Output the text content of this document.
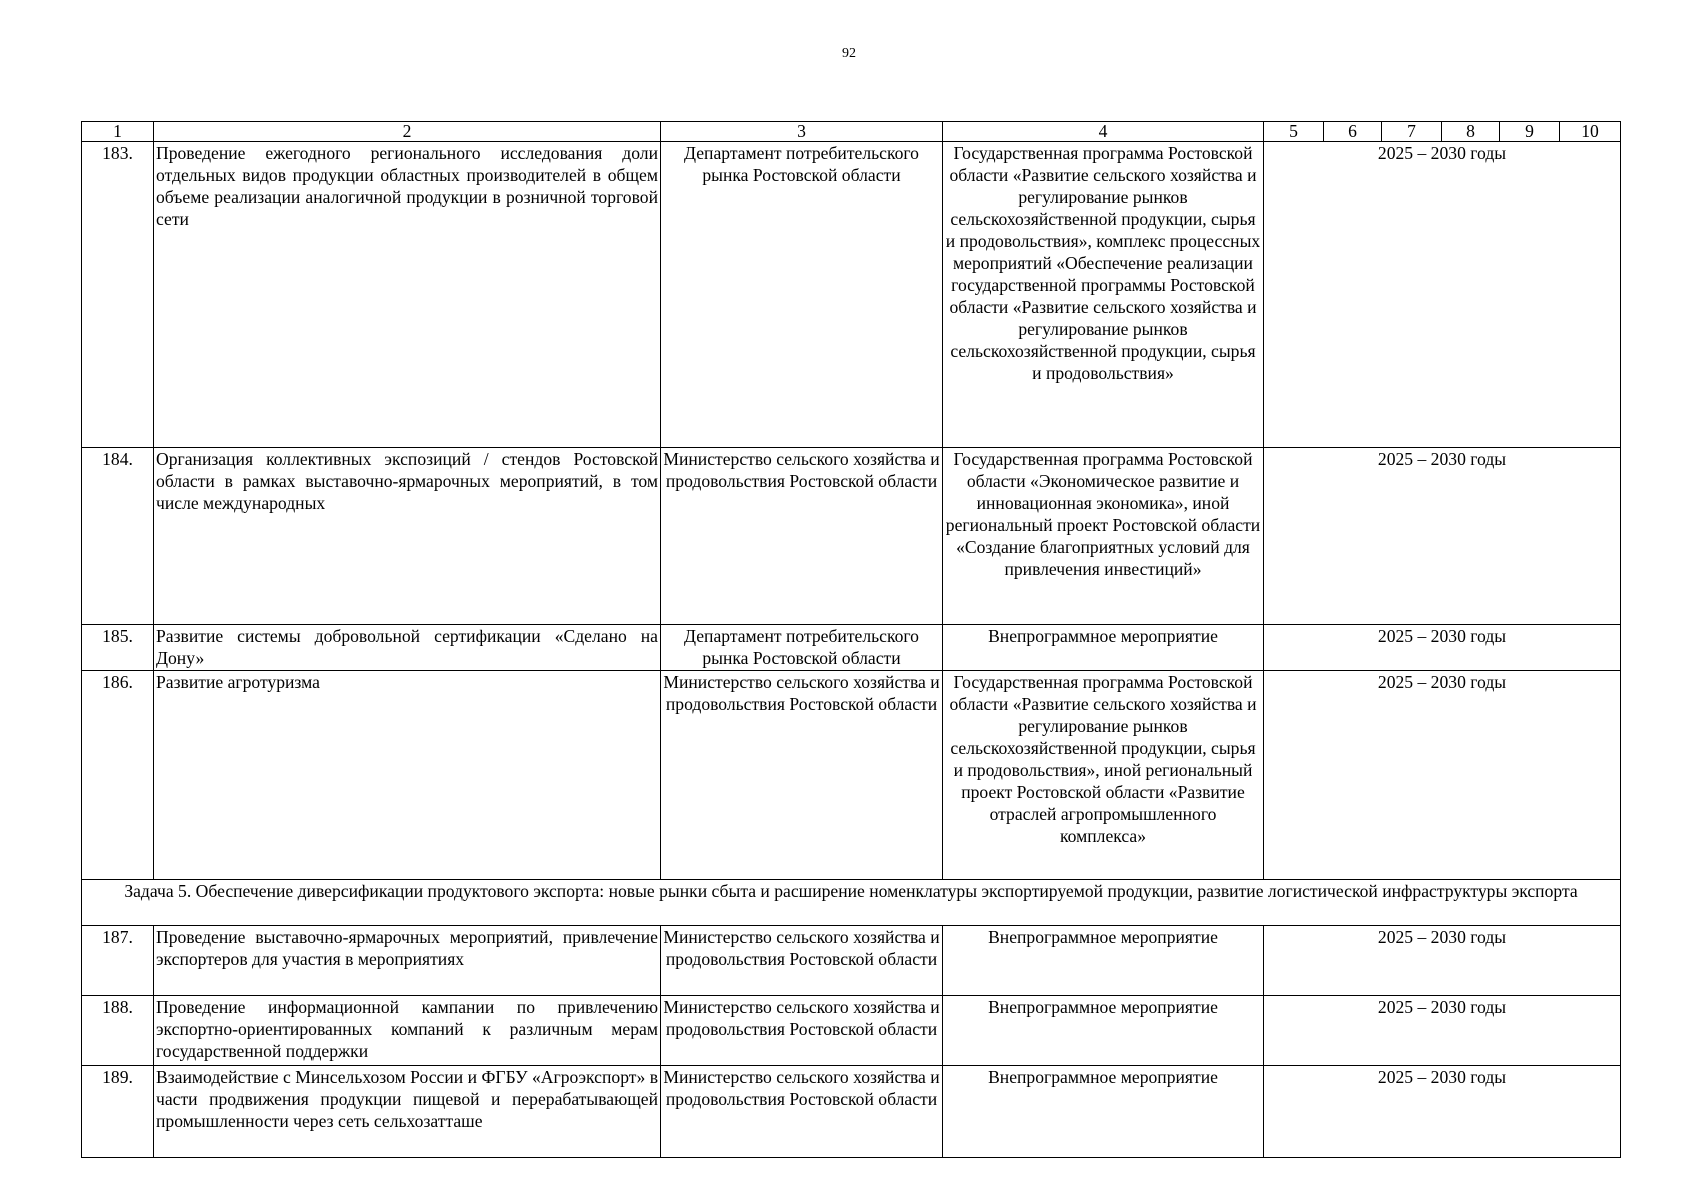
92
1	2	3	4	5	6	7	8	9	10
183.	Проведение ежегодного регионального исследования доли отдельных видов продукции областных производителей в общем объеме реализации аналогичной продукции в розничной торговой сети	Департамент потребительского рынка Ростовской области	Государственная программа Ростовской области «Развитие сельского хозяйства и регулирование рынков сельскохозяйственной продукции, сырья и продовольствия», комплекс процессных мероприятий «Обеспечение реализации государственной программы Ростовской области «Развитие сельского хозяйства и регулирование рынков сельскохозяйственной продукции, сырья и продовольствия»	2025 – 2030 годы					
184.	Организация коллективных экспозиций / стендов Ростовской области в рамках выставочно-ярмарочных мероприятий, в том числе международных	Министерство сельского хозяйства и продовольствия Ростовской области	Государственная программа Ростовской области «Экономическое развитие и инновационная экономика», иной региональный проект Ростовской области «Создание благоприятных условий для привлечения инвестиций»	2025 – 2030 годы					
185.	Развитие системы добровольной сертификации «Сделано на Дону»	Департамент потребительского рынка Ростовской области	Внепрограммное мероприятие	2025 – 2030 годы					
186.	Развитие агротуризма	Министерство сельского хозяйства и продовольствия Ростовской области	Государственная программа Ростовской области «Развитие сельского хозяйства и регулирование рынков сельскохозяйственной продукции, сырья и продовольствия», иной региональный проект Ростовской области «Развитие отраслей агропромышленного комплекса»	2025 – 2030 годы					
Задача 5. Обеспечение диверсификации продуктового экспорта: новые рынки сбыта и расширение номенклатуры экспортируемой продукции, развитие логистической инфраструктуры экспорта									
187.	Проведение выставочно-ярмарочных мероприятий, привлечение экспортеров для участия в мероприятиях	Министерство сельского хозяйства и продовольствия Ростовской области	Внепрограммное мероприятие	2025 – 2030 годы					
188.	Проведение информационной кампании по привлечению экспортно-ориентированных компаний к различным мерам государственной поддержки	Министерство сельского хозяйства и продовольствия Ростовской области	Внепрограммное мероприятие	2025 – 2030 годы					
189.	Взаимодействие с Минсельхозом России и ФГБУ «Агроэкспорт» в части продвижения продукции пищевой и перерабатывающей промышленности через сеть сельхозатташе	Министерство сельского хозяйства и продовольствия Ростовской области	Внепрограммное мероприятие	2025 – 2030 годы					
